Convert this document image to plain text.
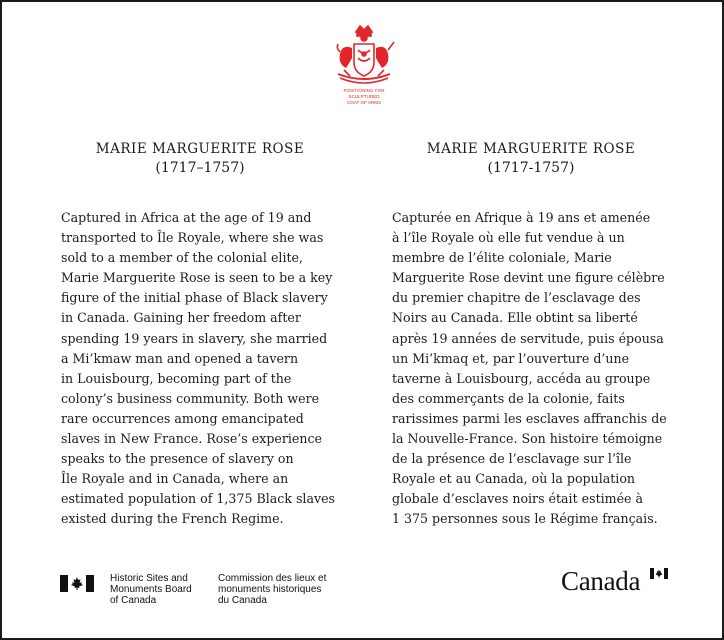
POSITIONING FOR
SCULPTURED
COAT OF ARMS
MARIE MARGUERITE ROSE
(1717–1757)
Captured in Africa at the age of 19 and
transported to Île Royale, where she was
sold to a member of the colonial elite,
Marie Marguerite Rose is seen to be a key
figure of the initial phase of Black slavery
in Canada. Gaining her freedom after
spending 19 years in slavery, she married
a Mi’kmaw man and opened a tavern
in Louisbourg, becoming part of the
colony’s business community. Both were
rare occurrences among emancipated
slaves in New France. Rose’s experience
speaks to the presence of slavery on
Île Royale and in Canada, where an
estimated population of 1,375 Black slaves
existed during the French Regime.
MARIE MARGUERITE ROSE
(1717-1757)
Capturée en Afrique à 19 ans et amenée
à l’île Royale où elle fut vendue à un
membre de l’élite coloniale, Marie
Marguerite Rose devint une figure célèbre
du premier chapitre de l’esclavage des
Noirs au Canada. Elle obtint sa liberté
après 19 années de servitude, puis épousa
un Mi’kmaq et, par l’ouverture d’une
taverne à Louisbourg, accéda au groupe
des commerçants de la colonie, faits
rarissimes parmi les esclaves affranchis de
la Nouvelle-France. Son histoire témoigne
de la présence de l’esclavage sur l’île
Royale et au Canada, où la population
globale d’esclaves noirs était estimée à
1 375 personnes sous le Régime français.
Historic Sites and
Monuments Board
of Canada
Commission des lieux et
monuments historiques
du Canada
Canada
